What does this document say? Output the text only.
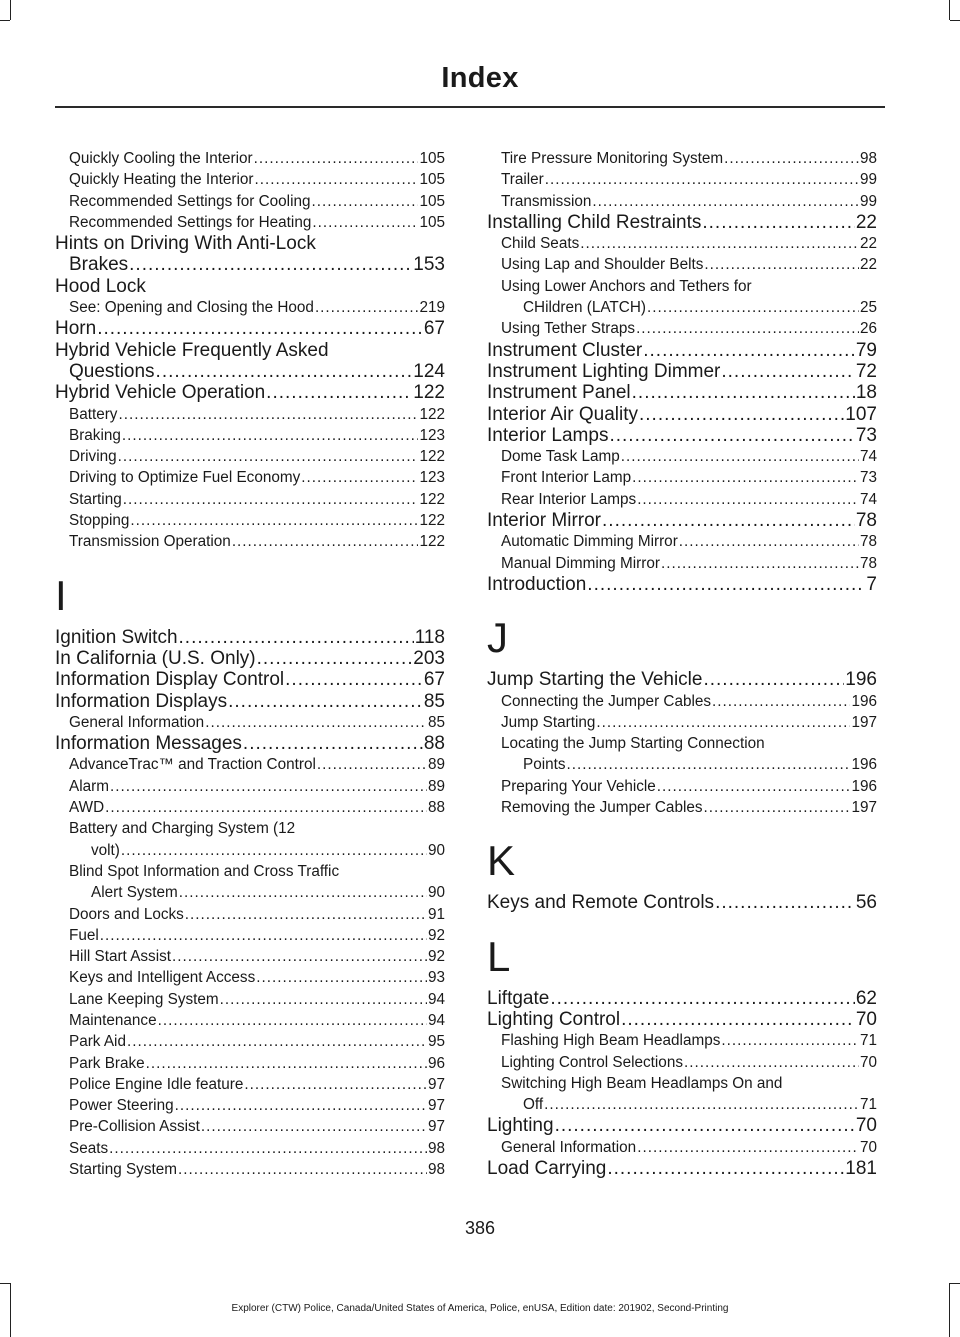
Index
Quickly Cooling the Interior .....	105
Quickly Heating the Interior .....	105
Recommended Settings for Cooling .....	105
Recommended Settings for Heating .....	105
Hints on Driving With Anti-Lock
Brakes .....	153
Hood Lock
See: Opening and Closing the Hood .....	219
Horn .....	67
Hybrid Vehicle Frequently Asked
Questions .....	124
Hybrid Vehicle Operation .....	122
Battery .....	122
Braking .....	123
Driving .....	122
Driving to Optimize Fuel Economy .....	123
Starting .....	122
Stopping .....	122
Transmission Operation .....	122
I
Ignition Switch .....	118
In California (U.S. Only) .....	203
Information Display Control .....	67
Information Displays .....	85
General Information .....	85
Information Messages .....	88
AdvanceTrac™ and Traction Control .....	89
Alarm .....	89
AWD .....	88
Battery and Charging System (12
volt) .....	90
Blind Spot Information and Cross Traffic
Alert System .....	90
Doors and Locks .....	91
Fuel .....	92
Hill Start Assist .....	92
Keys and Intelligent Access .....	93
Lane Keeping System .....	94
Maintenance .....	94
Park Aid .....	95
Park Brake .....	96
Police Engine Idle feature .....	97
Power Steering .....	97
Pre-Collision Assist .....	97
Seats .....	98
Starting System .....	98
Tire Pressure Monitoring System .....	98
Trailer .....	99
Transmission .....	99
Installing Child Restraints .....	22
Child Seats .....	22
Using Lap and Shoulder Belts .....	22
Using Lower Anchors and Tethers for
CHildren (LATCH) .....	25
Using Tether Straps .....	26
Instrument Cluster .....	79
Instrument Lighting Dimmer .....	72
Instrument Panel .....	18
Interior Air Quality .....	107
Interior Lamps .....	73
Dome Task Lamp .....	74
Front Interior Lamp .....	73
Rear Interior Lamps .....	74
Interior Mirror .....	78
Automatic Dimming Mirror .....	78
Manual Dimming Mirror .....	78
Introduction .....	7
J
Jump Starting the Vehicle .....	196
Connecting the Jumper Cables .....	196
Jump Starting .....	197
Locating the Jump Starting Connection
Points .....	196
Preparing Your Vehicle .....	196
Removing the Jumper Cables .....	197
K
Keys and Remote Controls .....	56
L
Liftgate .....	62
Lighting Control .....	70
Flashing High Beam Headlamps .....	71
Lighting Control Selections .....	70
Switching High Beam Headlamps On and
Off .....	71
Lighting .....	70
General Information .....	70
Load Carrying .....	181
386
Explorer (CTW) Police, Canada/United States of America, Police, enUSA, Edition date: 201902, Second-Printing
